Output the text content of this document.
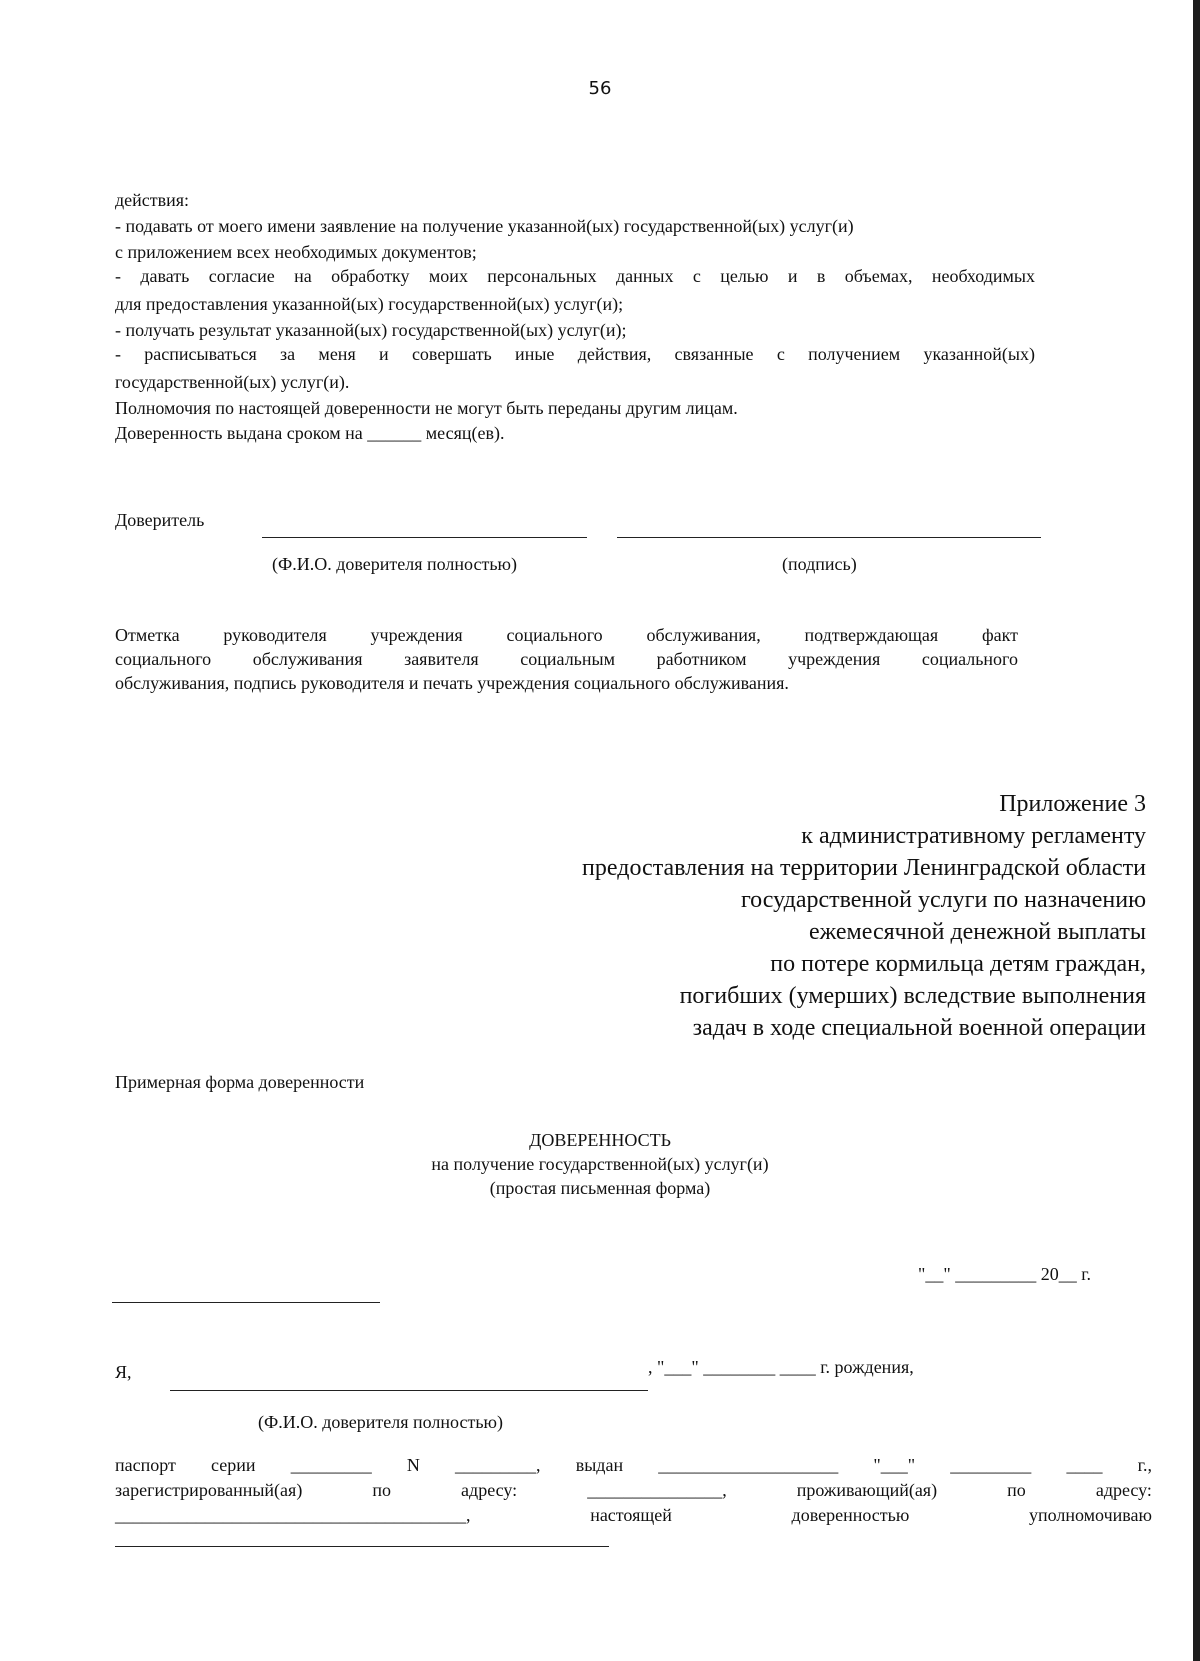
56
действия:
- подавать от моего имени заявление на получение указанной(ых) государственной(ых) услуг(и)
с приложением всех необходимых документов;
- давать согласие на обработку моих персональных данных с целью и в объемах, необходимых
для предоставления указанной(ых) государственной(ых) услуг(и);
- получать результат указанной(ых) государственной(ых) услуг(и);
- расписываться за меня и совершать иные действия, связанные с получением указанной(ых)
государственной(ых) услуг(и).
Полномочия по настоящей доверенности не могут быть переданы другим лицам.
Доверенность выдана сроком на ______ месяц(ев).
Доверитель
(Ф.И.О. доверителя полностью)	(подпись)
Отметка руководителя учреждения социального обслуживания, подтверждающая факт
социального обслуживания заявителя социальным работником учреждения социального
обслуживания, подпись руководителя и печать учреждения социального обслуживания.
Приложение 3
к административному регламенту
предоставления на территории Ленинградской области
государственной услуги по назначению
ежемесячной денежной выплаты
по потере кормильца детям граждан,
погибших (умерших) вследствие выполнения
задач в ходе специальной военной операции
Примерная форма доверенности
ДОВЕРЕННОСТЬ
на получение государственной(ых) услуг(и)
(простая письменная форма)
"__" _________ 20__ г.
Я,	, "___" ________ ____ г. рождения,
(Ф.И.О. доверителя полностью)
паспорт серии _________ N _________, выдан ____________________ "___" _________ ____ г.,
зарегистрированный(ая)	по	адресу:	_______________,	проживающий(ая)	по	адресу:
_______________________________________,	настоящей	доверенностью	уполномочиваю
